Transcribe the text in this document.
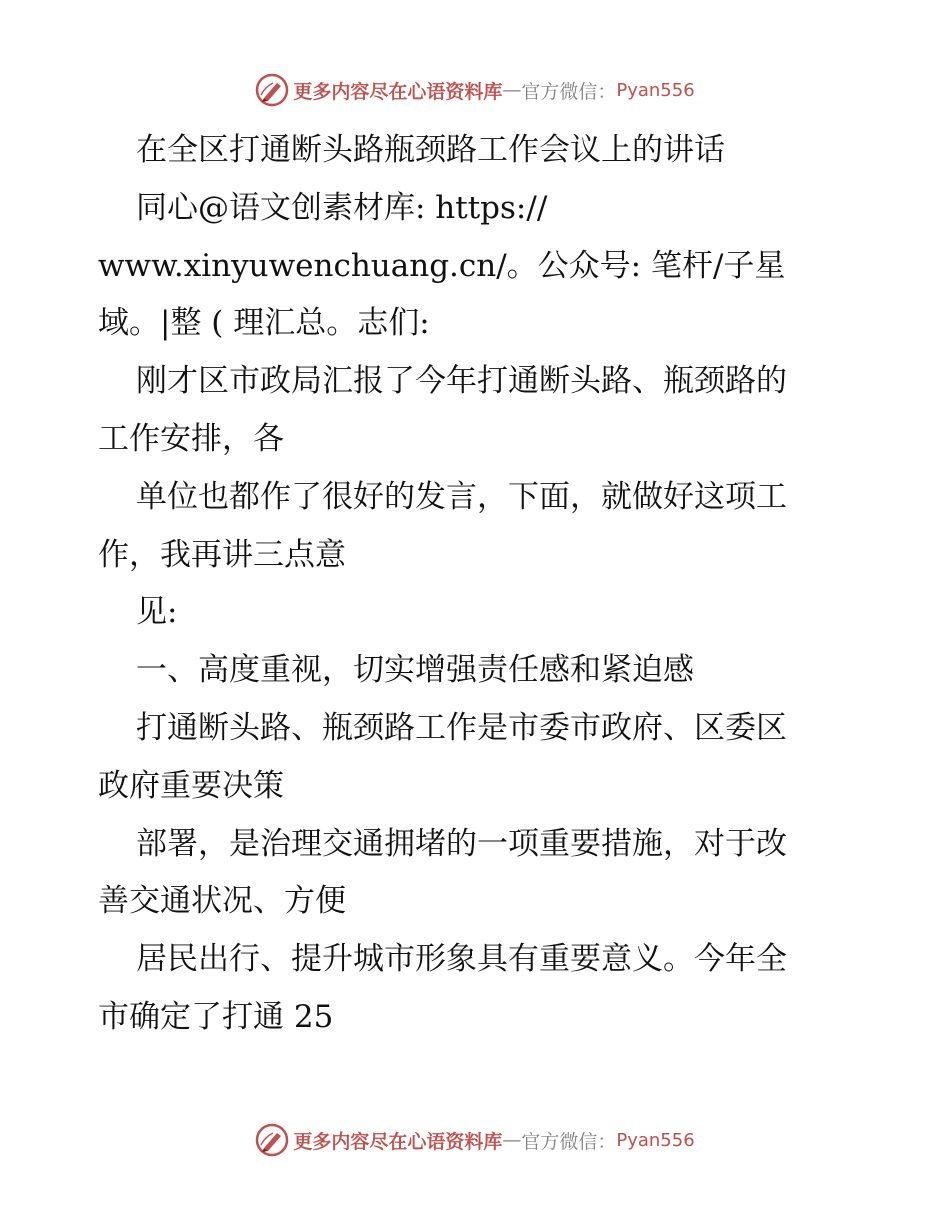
更多内容尽在心语资料库 — 官方微信： Pyan556
在全区打通断头路瓶颈路工作会议上的讲话
同心@语文创素材库: https://
www.xinyuwenchuang.cn/。公众号: 笔杆/子星
域。|整 ( 理汇总。志们:
刚才区市政局汇报了今年打通断头路、瓶颈路的
工作安排，各
单位也都作了很好的发言，下面，就做好这项工
作，我再讲三点意
见:
一、高度重视，切实增强责任感和紧迫感
打通断头路、瓶颈路工作是市委市政府、区委区
政府重要决策
部署，是治理交通拥堵的一项重要措施，对于改
善交通状况、方便
居民出行、提升城市形象具有重要意义。今年全
市确定了打通 25
更多内容尽在心语资料库 — 官方微信： Pyan556
